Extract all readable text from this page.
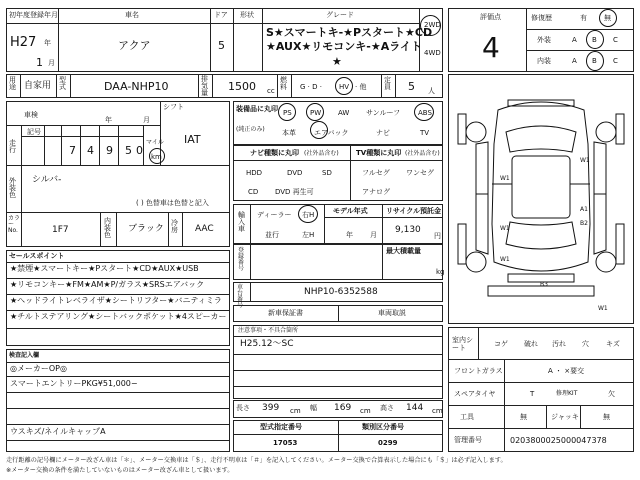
初年度登録年月
H27 年
1 月
車名
アクア
ドア
5
形状	グレード
S★スマートキ-★Pスタート★CD
★AUX★リモコンキ-★Aライト
★
2WD
4WD
評価点
4
修復歴	有 無
外装	A B C
内装	A B C
用途 自家用
型式	DAA-NHP10
排気量 1500 cc
燃料 G · D · HV · 他
定員 5 人
車検
年	月
走行
記号
7 4 9 5 0
マイル
km
シフト
IAT
外装色
シルバ-
( ) 色替車は色替と記入
カラー No.	1F7
内装色
ブラック
冷房 AAC
装備品に丸印
(純正のみ)
PS	PW AW サンルーフ	ABS
本革	エアバック	ナビ	TV
ナビ種類に丸印 (社外品含む)
HDD	DVD	SD
CD DVD 再生可
TV種類に丸印 (社外品含む)
フルセグ ワンセグ
アナログ
輸入車
ディーラー 右H
並行	左H
モデル年式
年 月
リサイクル預託金
9,130
円
登録番号
最大積載量
kg
車台番号
NHP10-6352588
新車保証書	車両取説
セールスポイント
★禁煙★スマートキー★Pスタート★CD★AUX★USB
★リモコンキー★FM★AM★P/ガラス★SRSエアバック
★ヘッドライトレベライザ★シートリフター★バニティミラ
★チルトステアリング★シートバックポケット★4スピーカー
検査記入欄
◎メーカーOP◎
スマートエントリーPKG¥51,000−
ウスキズ/ネイルキャップA
注意事項・不具合箇所
H25.12〜SC
長さ 399 cm 幅 169 cm 高さ 144 cm
型式指定番号
17053
類別区分番号
0299
W1
W1
W1
W1
A1
B2
B3
W1
室内シート
コゲ 破れ 汚れ 穴 キズ
フロントガラス	A ・ ×要交
スペアタイヤ	T	修理KIT	欠
工具	無	ジャッキ	無
管理番号	0203800025000047378
走行距離の記号欄にメーター改ざん車は「＊」、メーター交換車は「＄」、走行不明車は「＃」を記入してください。メーター交換で合算表示した場合にも「＄」は必ず記入します。
※メーター交換の条件を満たしていないものはメーター改ざん車として扱います。
